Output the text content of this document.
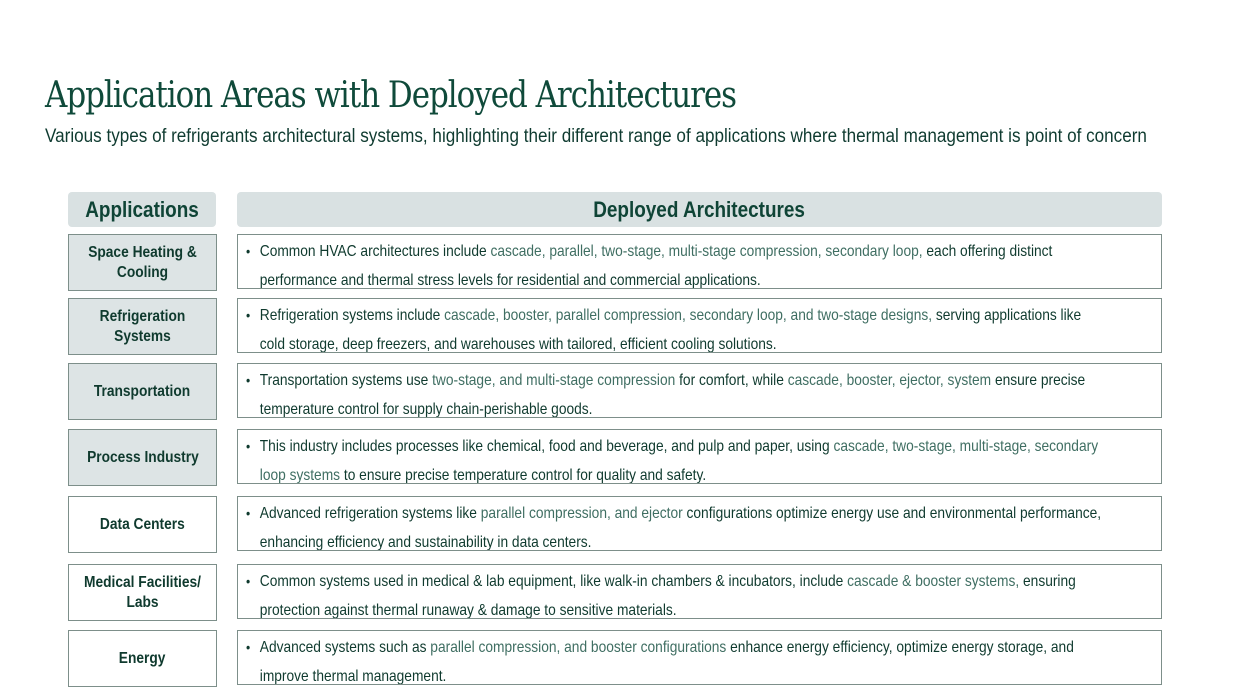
Application Areas with Deployed Architectures
Various types of refrigerants architectural systems, highlighting their different range of applications where thermal management is point of concern
Applications	Deployed Architectures
Space Heating & Cooling
• Common HVAC architectures include cascade, parallel, two-stage, multi-stage compression, secondary loop, each offering distinct performance and thermal stress levels for residential and commercial applications.
Refrigeration Systems
• Refrigeration systems include cascade, booster, parallel compression, secondary loop, and two-stage designs, serving applications like cold storage, deep freezers, and warehouses with tailored, efficient cooling solutions.
Transportation
• Transportation systems use two-stage, and multi-stage compression for comfort, while cascade, booster, ejector, system ensure precise temperature control for supply chain-perishable goods.
Process Industry
• This industry includes processes like chemical, food and beverage, and pulp and paper, using cascade, two-stage, multi-stage, secondary loop systems to ensure precise temperature control for quality and safety.
Data Centers
• Advanced refrigeration systems like parallel compression, and ejector configurations optimize energy use and environmental performance, enhancing efficiency and sustainability in data centers.
Medical Facilities/ Labs
• Common systems used in medical & lab equipment, like walk-in chambers & incubators, include cascade & booster systems, ensuring protection against thermal runaway & damage to sensitive materials.
Energy
• Advanced systems such as parallel compression, and booster configurations enhance energy efficiency, optimize energy storage, and improve thermal management.
